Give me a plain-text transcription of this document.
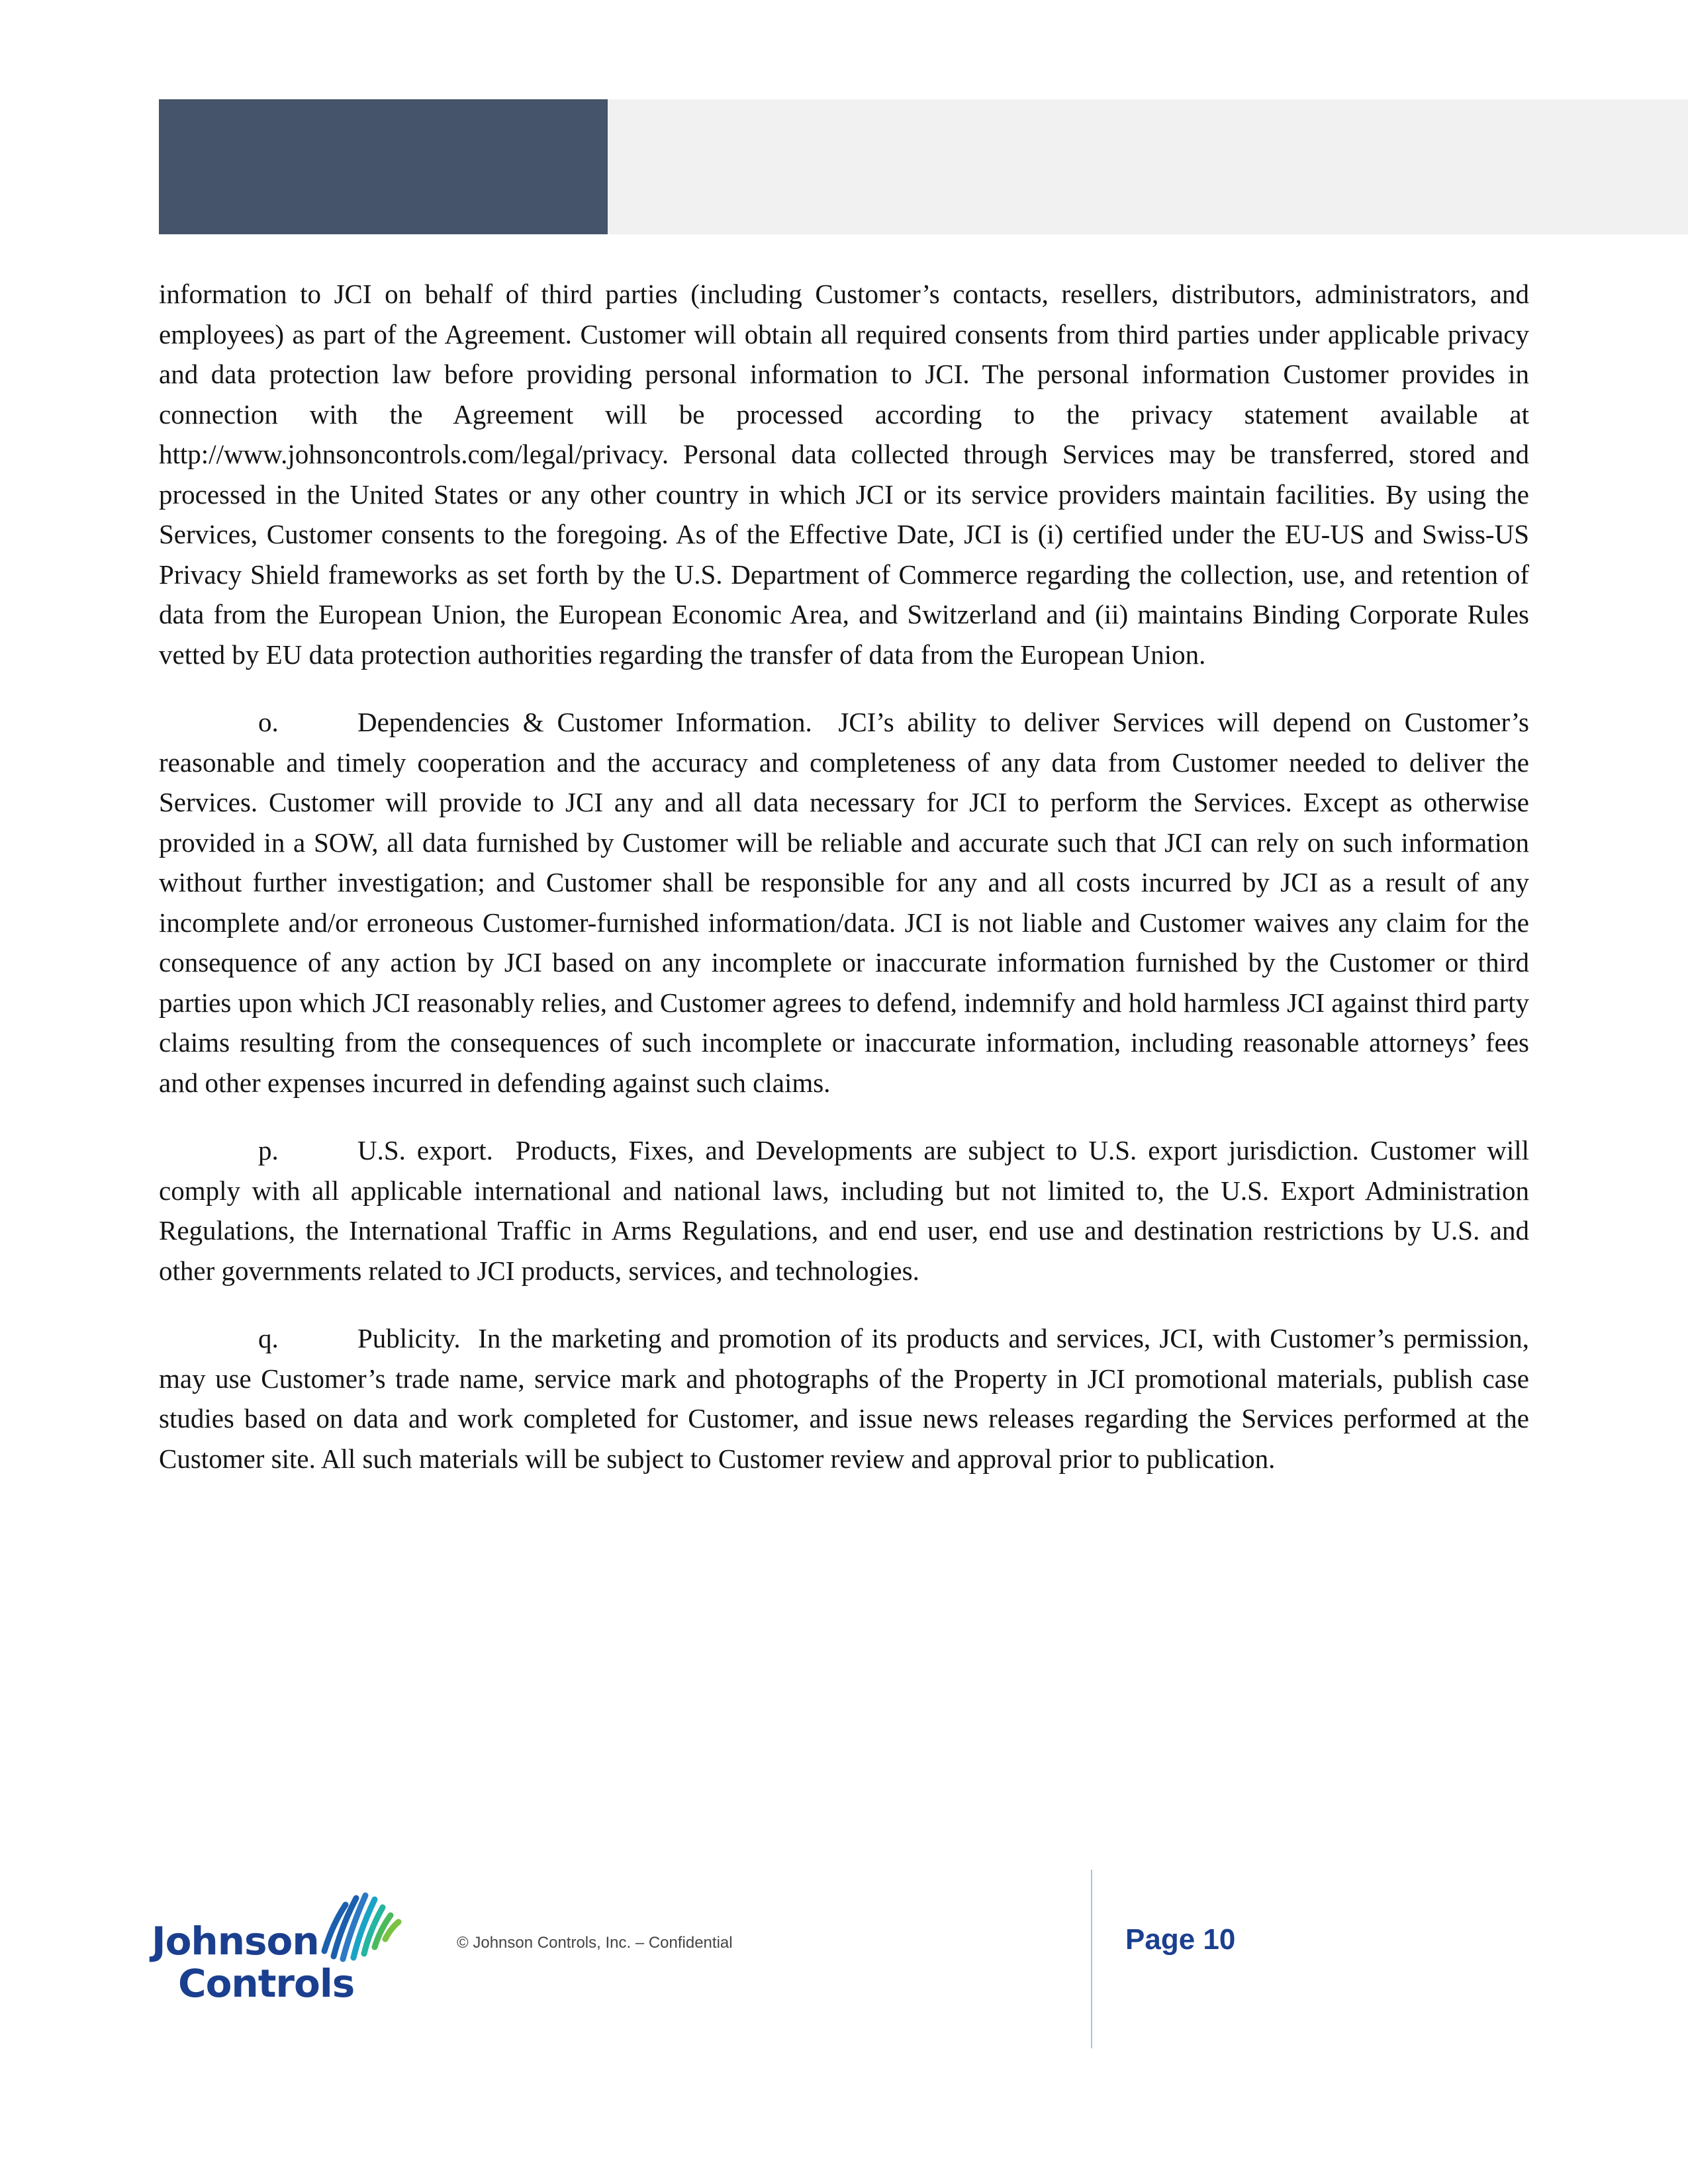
information to JCI on behalf of third parties (including Customer’s contacts, resellers, distributors, administrators, and employees) as part of the Agreement. Customer will obtain all required consents from third parties under applicable privacy and data protection law before providing personal information to JCI. The personal information Customer provides in connection with the Agreement will be processed according to the privacy statement available at http://www.johnsoncontrols.com/legal/privacy. Personal data collected through Services may be transferred, stored and processed in the United States or any other country in which JCI or its service providers maintain facilities. By using the Services, Customer consents to the foregoing. As of the Effective Date, JCI is (i) certified under the EU-US and Swiss-US Privacy Shield frameworks as set forth by the U.S. Department of Commerce regarding the collection, use, and retention of data from the European Union, the European Economic Area, and Switzerland and (ii) maintains Binding Corporate Rules vetted by EU data protection authorities regarding the transfer of data from the European Union.

o.	Dependencies & Customer Information. JCI’s ability to deliver Services will depend on Customer’s reasonable and timely cooperation and the accuracy and completeness of any data from Customer needed to deliver the Services. Customer will provide to JCI any and all data necessary for JCI to perform the Services. Except as otherwise provided in a SOW, all data furnished by Customer will be reliable and accurate such that JCI can rely on such information without further investigation; and Customer shall be responsible for any and all costs incurred by JCI as a result of any incomplete and/or erroneous Customer-furnished information/data. JCI is not liable and Customer waives any claim for the consequence of any action by JCI based on any incomplete or inaccurate information furnished by the Customer or third parties upon which JCI reasonably relies, and Customer agrees to defend, indemnify and hold harmless JCI against third party claims resulting from the consequences of such incomplete or inaccurate information, including reasonable attorneys’ fees and other expenses incurred in defending against such claims.

p.	U.S. export. Products, Fixes, and Developments are subject to U.S. export jurisdiction. Customer will comply with all applicable international and national laws, including but not limited to, the U.S. Export Administration Regulations, the International Traffic in Arms Regulations, and end user, end use and destination restrictions by U.S. and other governments related to JCI products, services, and technologies.

q.	Publicity. In the marketing and promotion of its products and services, JCI, with Customer’s permission, may use Customer’s trade name, service mark and photographs of the Property in JCI promotional materials, publish case studies based on data and work completed for Customer, and issue news releases regarding the Services performed at the Customer site. All such materials will be subject to Customer review and approval prior to publication.

Johnson
Controls
© Johnson Controls, Inc. – Confidential	Page 10
